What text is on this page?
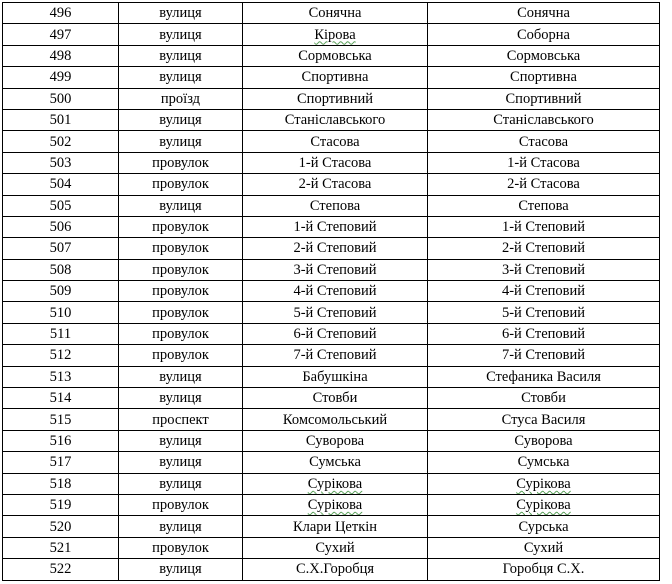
496	вулиця	Сонячна	Сонячна
497	вулиця	Кірова	Соборна
498	вулиця	Сормовська	Сормовська
499	вулиця	Спортивна	Спортивна
500	проїзд	Спортивний	Спортивний
501	вулиця	Станіславського	Станіславського
502	вулиця	Стасова	Стасова
503	провулок	1-й Стасова	1-й Стасова
504	провулок	2-й Стасова	2-й Стасова
505	вулиця	Степова	Степова
506	провулок	1-й Степовий	1-й Степовий
507	провулок	2-й Степовий	2-й Степовий
508	провулок	3-й Степовий	3-й Степовий
509	провулок	4-й Степовий	4-й Степовий
510	провулок	5-й Степовий	5-й Степовий
511	провулок	6-й Степовий	6-й Степовий
512	провулок	7-й Степовий	7-й Степовий
513	вулиця	Бабушкіна	Стефаника Василя
514	вулиця	Стовби	Стовби
515	проспект	Комсомольський	Стуса Василя
516	вулиця	Суворова	Суворова
517	вулиця	Сумська	Сумська
518	вулиця	Сурікова	Сурікова
519	провулок	Сурікова	Сурікова
520	вулиця	Клари Цеткін	Сурська
521	провулок	Сухий	Сухий
522	вулиця	С.Х.Горобця	Горобця С.Х.
